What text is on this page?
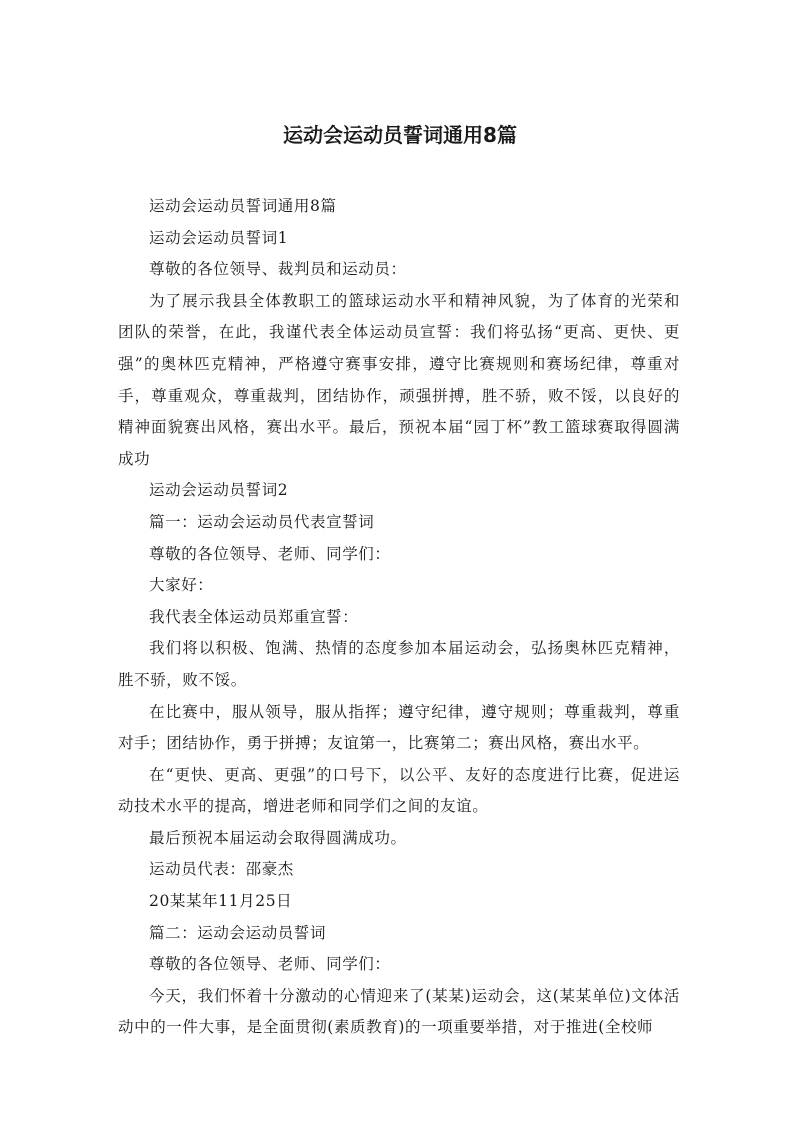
运动会运动员誓词通用8篇

运动会运动员誓词通用8篇

运动会运动员誓词1

尊敬的各位领导、裁判员和运动员：

为了展示我县全体教职工的篮球运动水平和精神风貌，为了体育的光荣和团队的荣誉，在此，我谨代表全体运动员宣誓：我们将弘扬“更高、更快、更强”的奥林匹克精神，严格遵守赛事安排，遵守比赛规则和赛场纪律，尊重对手，尊重观众，尊重裁判，团结协作，顽强拼搏，胜不骄，败不馁，以良好的精神面貌赛出风格，赛出水平。最后，预祝本届“园丁杯”教工篮球赛取得圆满成功

运动会运动员誓词2

篇一：运动会运动员代表宣誓词

尊敬的各位领导、老师、同学们：

大家好：

我代表全体运动员郑重宣誓：

我们将以积极、饱满、热情的态度参加本届运动会，弘扬奥林匹克精神，胜不骄，败不馁。

在比赛中，服从领导，服从指挥；遵守纪律，遵守规则；尊重裁判，尊重对手；团结协作，勇于拼搏；友谊第一，比赛第二；赛出风格，赛出水平。

在“更快、更高、更强”的口号下，以公平、友好的态度进行比赛，促进运动技术水平的提高，增进老师和同学们之间的友谊。

最后预祝本届运动会取得圆满成功。

运动员代表：邵豪杰

20某某年11月25日

篇二：运动会运动员誓词

尊敬的各位领导、老师、同学们：

今天，我们怀着十分激动的心情迎来了(某某)运动会，这(某某单位)文体活动中的一件大事，是全面贯彻(素质教育)的一项重要举措，对于推进(全校师
